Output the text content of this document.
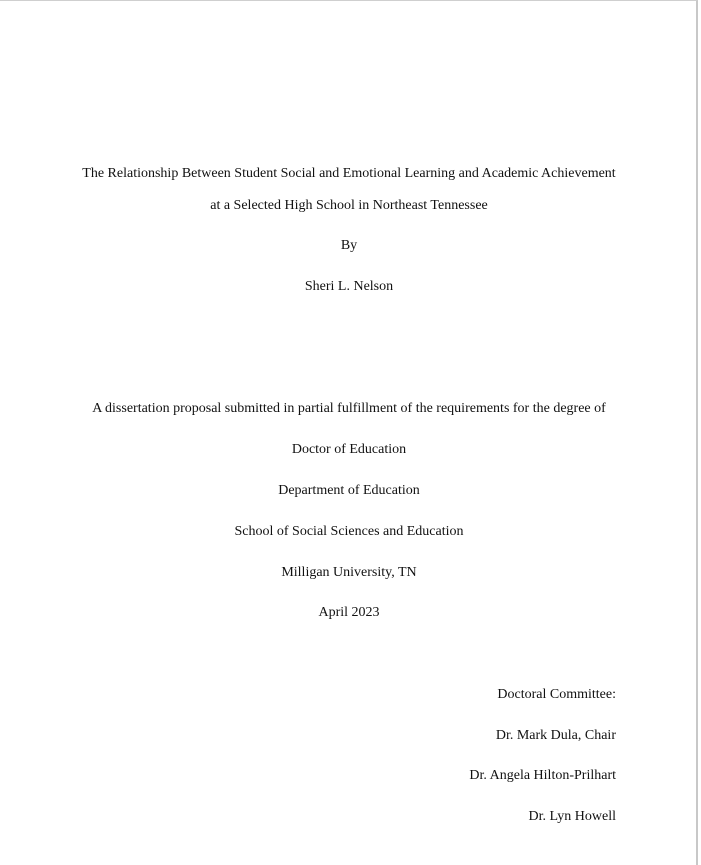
The Relationship Between Student Social and Emotional Learning and Academic Achievement
at a Selected High School in Northeast Tennessee
By
Sheri L. Nelson
A dissertation proposal submitted in partial fulfillment of the requirements for the degree of
Doctor of Education
Department of Education
School of Social Sciences and Education
Milligan University, TN
April 2023
Doctoral Committee:
Dr. Mark Dula, Chair
Dr. Angela Hilton-Prilhart
Dr. Lyn Howell
